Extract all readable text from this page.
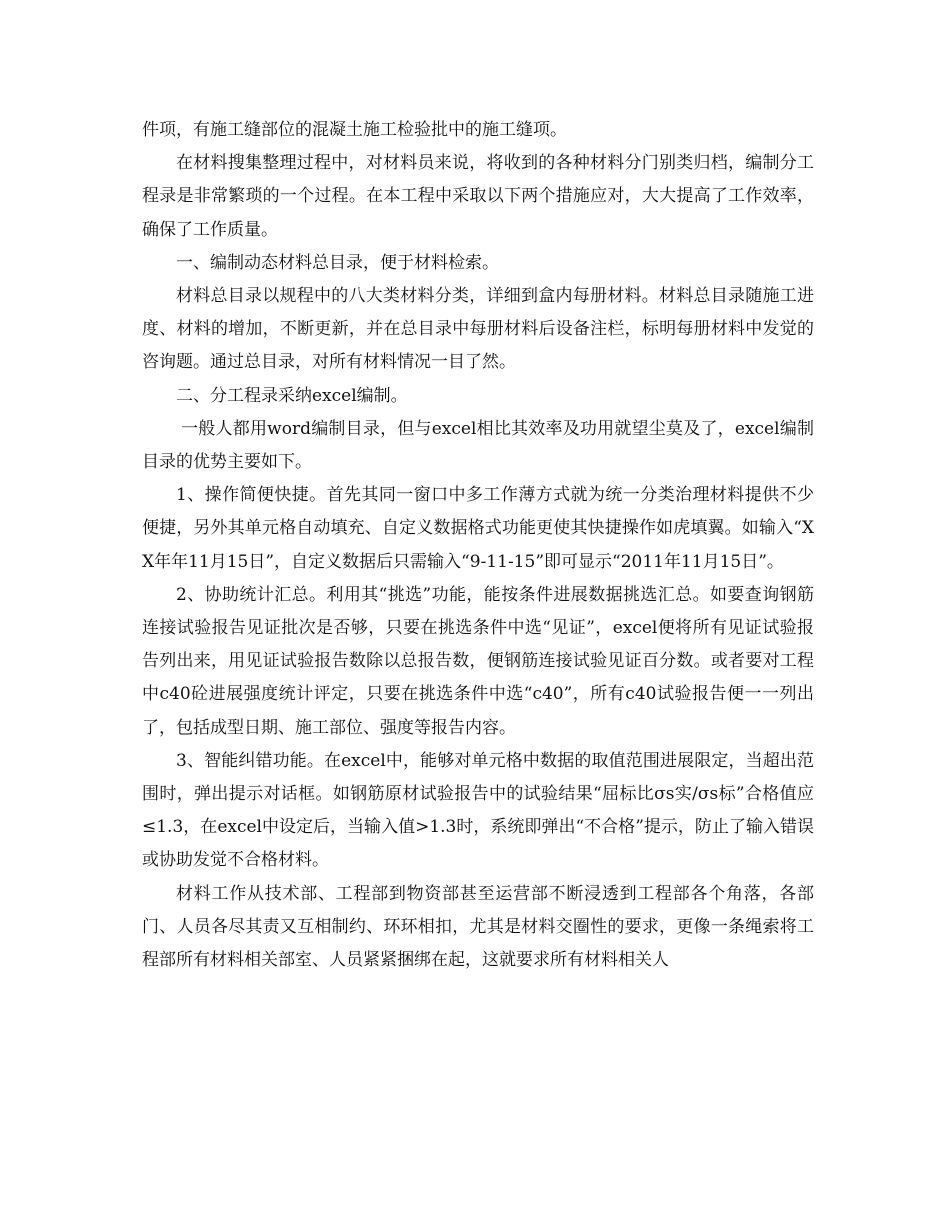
件项，有施工缝部位的混凝土施工检验批中的施工缝项。

在材料搜集整理过程中，对材料员来说，将收到的各种材料分门别类归档，编制分工程录是非常繁琐的一个过程。在本工程中采取以下两个措施应对，大大提高了工作效率，确保了工作质量。

一、编制动态材料总目录，便于材料检索。

材料总目录以规程中的八大类材料分类，详细到盒内每册材料。材料总目录随施工进度、材料的增加，不断更新，并在总目录中每册材料后设备注栏，标明每册材料中发觉的咨询题。通过总目录，对所有材料情况一目了然。

二、分工程录采纳excel编制。

一般人都用word编制目录，但与excel相比其效率及功用就望尘莫及了，excel编制目录的优势主要如下。

1、操作简便快捷。首先其同一窗口中多工作薄方式就为统一分类治理材料提供不少便捷，另外其单元格自动填充、自定义数据格式功能更使其快捷操作如虎填翼。如输入“XX年年11月15日”，自定义数据后只需输入“9-11-15”即可显示“2011年11月15日”。

2、协助统计汇总。利用其“挑选”功能，能按条件进展数据挑选汇总。如要查询钢筋连接试验报告见证批次是否够，只要在挑选条件中选“见证”，excel便将所有见证试验报告列出来，用见证试验报告数除以总报告数，便钢筋连接试验见证百分数。或者要对工程中c40砼进展强度统计评定，只要在挑选条件中选“c40”，所有c40试验报告便一一列出了，包括成型日期、施工部位、强度等报告内容。

3、智能纠错功能。在excel中，能够对单元格中数据的取值范围进展限定，当超出范围时，弹出提示对话框。如钢筋原材试验报告中的试验结果“屈标比σs实/σs标”合格值应≤1.3，在excel中设定后，当输入值>1.3时，系统即弹出“不合格”提示，防止了输入错误或协助发觉不合格材料。

材料工作从技术部、工程部到物资部甚至运营部不断浸透到工程部各个角落，各部门、人员各尽其责又互相制约、环环相扣，尤其是材料交圈性的要求，更像一条绳索将工程部所有材料相关部室、人员紧紧捆绑在起，这就要求所有材料相关人
